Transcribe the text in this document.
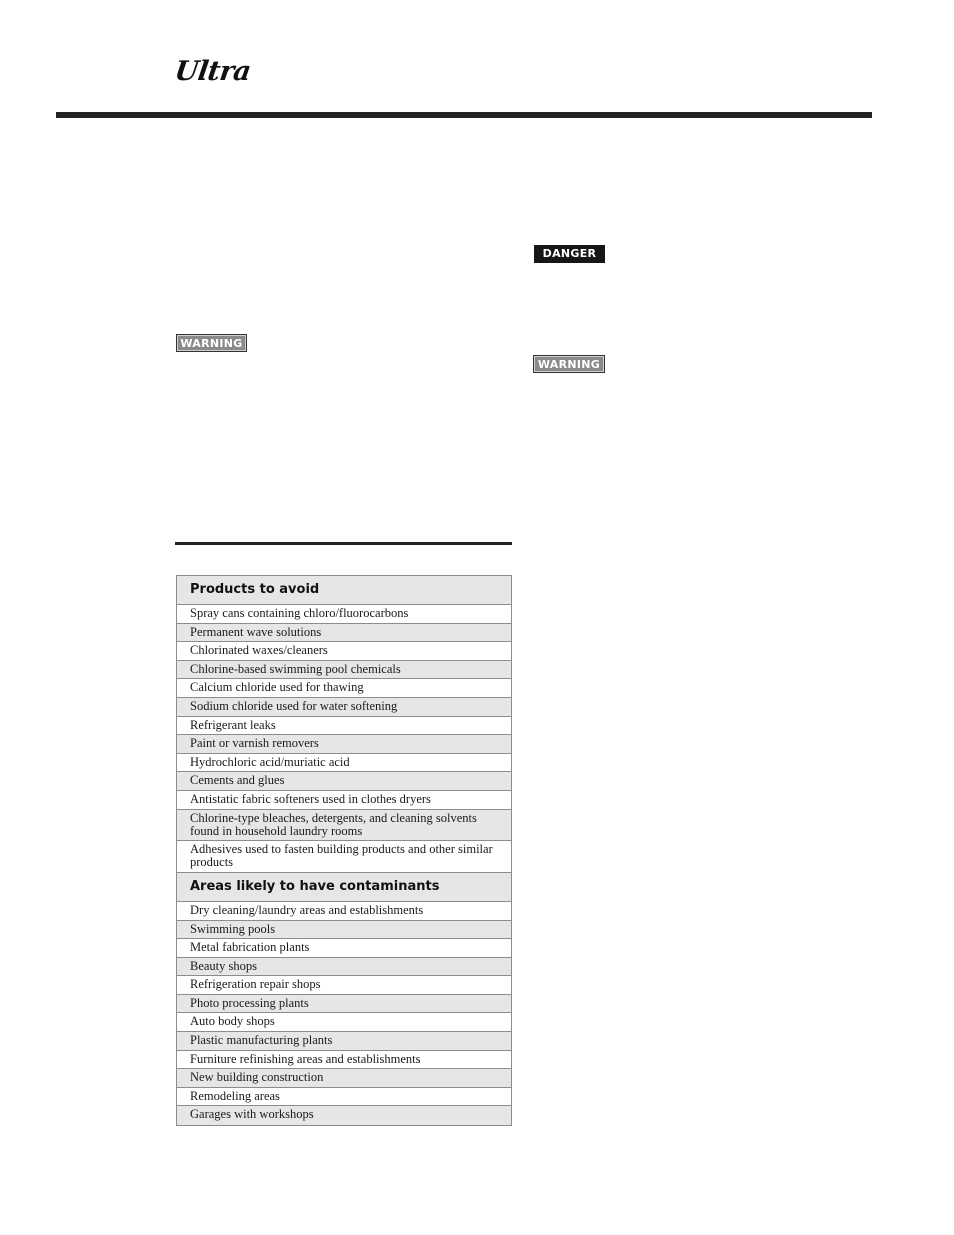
Ultra
DANGER
WARNING
WARNING
Products to avoid
Spray cans containing chloro/fluorocarbons
Permanent wave solutions
Chlorinated waxes/cleaners
Chlorine-based swimming pool chemicals
Calcium chloride used for thawing
Sodium chloride used for water softening
Refrigerant leaks
Paint or varnish removers
Hydrochloric acid/muriatic acid
Cements and glues
Antistatic fabric softeners used in clothes dryers
Chlorine-type bleaches, detergents, and cleaning solvents found in household laundry rooms
Adhesives used to fasten building products and other similar products
Areas likely to have contaminants
Dry cleaning/laundry areas and establishments
Swimming pools
Metal fabrication plants
Beauty shops
Refrigeration repair shops
Photo processing plants
Auto body shops
Plastic manufacturing plants
Furniture refinishing areas and establishments
New building construction
Remodeling areas
Garages with workshops
